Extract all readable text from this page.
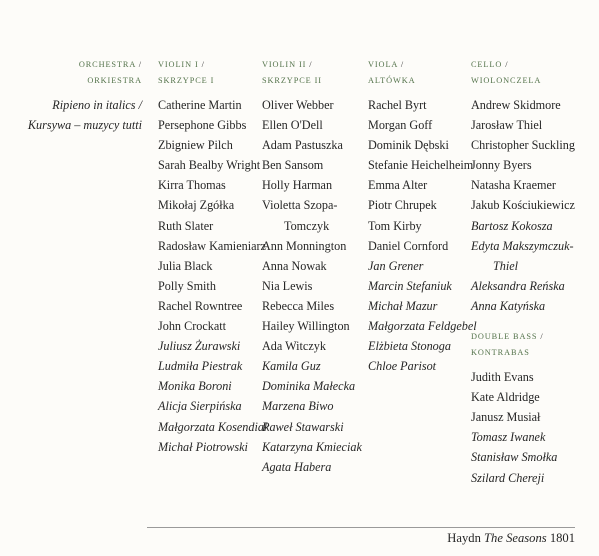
ORCHESTRA /
ORKIESTRA
Ripieno in italics /
Kursywa – muzycy tutti
VIOLIN I /
SKRZYPCE I
Catherine Martin
Persephone Gibbs
Zbigniew Pilch
Sarah Bealby Wright
Kirra Thomas
Mikołaj Zgółka
Ruth Slater
Radosław Kamieniarz
Julia Black
Polly Smith
Rachel Rowntree
John Crockatt
Juliusz Żurawski
Ludmiła Piestrak
Monika Boroni
Alicja Sierpińska
Małgorzata Kosendiak
Michał Piotrowski
VIOLIN II /
SKRZYPCE II
Oliver Webber
Ellen O'Dell
Adam Pastuszka
Ben Sansom
Holly Harman
Violetta Szopa-
Tomczyk
Ann Monnington
Anna Nowak
Nia Lewis
Rebecca Miles
Hailey Willington
Ada Witczyk
Kamila Guz
Dominika Małecka
Marzena Biwo
Paweł Stawarski
Katarzyna Kmieciak
Agata Habera
VIOLA /
ALTÓWKA
Rachel Byrt
Morgan Goff
Dominik Dębski
Stefanie Heichelheim
Emma Alter
Piotr Chrupek
Tom Kirby
Daniel Cornford
Jan Grener
Marcin Stefaniuk
Michał Mazur
Małgorzata Feldgebel
Elżbieta Stonoga
Chloe Parisot
CELLO /
WIOLONCZELA
Andrew Skidmore
Jarosław Thiel
Christopher Suckling
Jonny Byers
Natasha Kraemer
Jakub Kościukiewicz
Bartosz Kokosza
Edyta Makszymczuk-
Thiel
Aleksandra Reńska
Anna Katyńska
DOUBLE BASS /
KONTRABAS
Judith Evans
Kate Aldridge
Janusz Musiał
Tomasz Iwanek
Stanisław Smołka
Szilard Chereji
Haydn The Seasons 1801
